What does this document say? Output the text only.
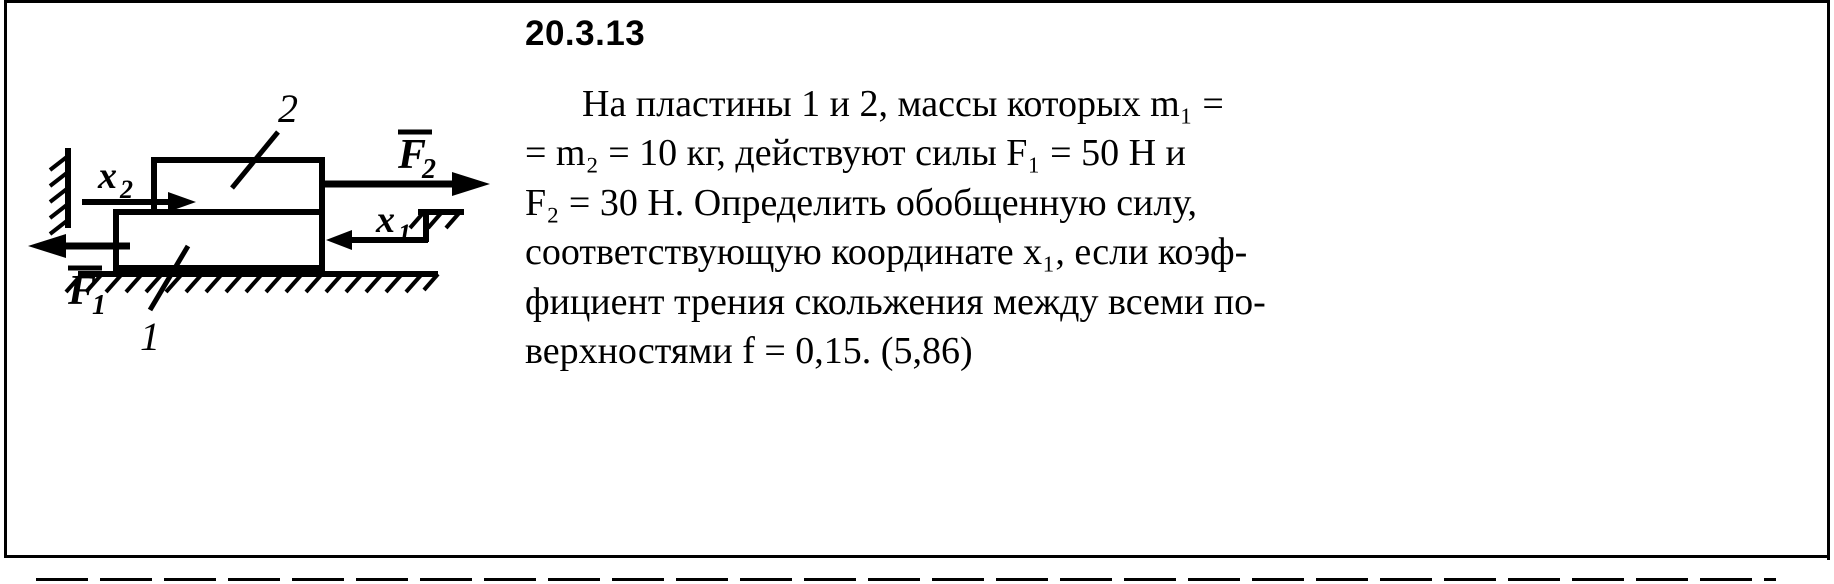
2
1
x 2
x 1
F
2
F
1
20.3.13
На пластины 1 и 2, массы которых m₁ =
= m₂ = 10 кг, действуют силы F₁ = 50 Н и
F₂ = 30 Н. Определить обобщенную силу,
соответствующую координате x₁, если коэф-
фициент трения скольжения между всеми по-
верхностями f = 0,15. (5,86)
